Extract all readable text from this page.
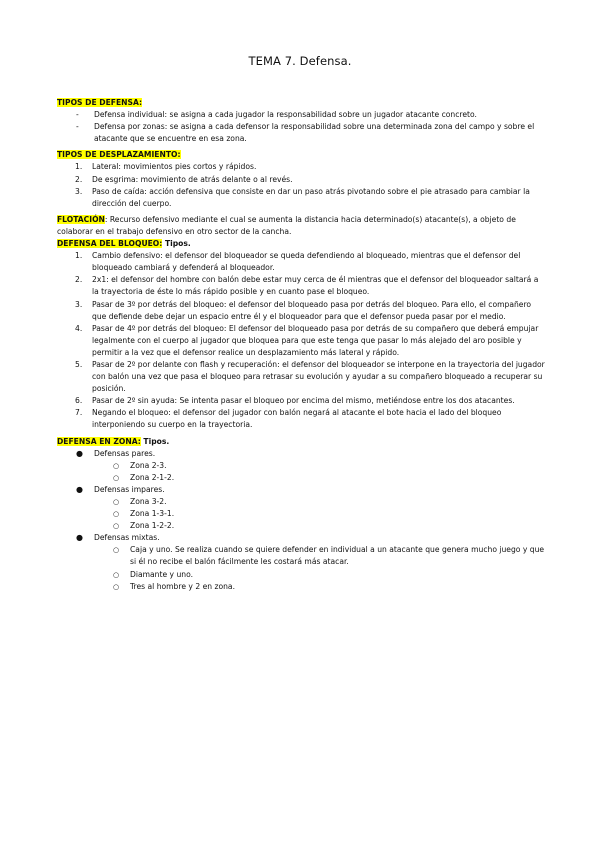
TEMA 7. Defensa.
TIPOS DE DEFENSA:
- Defensa individual: se asigna a cada jugador la responsabilidad sobre un jugador atacante concreto.
- Defensa por zonas: se asigna a cada defensor la responsabilidad sobre una determinada zona del campo y sobre el atacante que se encuentre en esa zona.
TIPOS DE DESPLAZAMIENTO:
1. Lateral: movimientos pies cortos y rápidos.
2. De esgrima: movimiento de atrás delante o al revés.
3. Paso de caída: acción defensiva que consiste en dar un paso atrás pivotando sobre el pie atrasado para cambiar la dirección del cuerpo.
FLOTACIÓN: Recurso defensivo mediante el cual se aumenta la distancia hacia determinado(s) atacante(s), a objeto de colaborar en el trabajo defensivo en otro sector de la cancha.
DEFENSA DEL BLOQUEO: Tipos.
1. Cambio defensivo: el defensor del bloqueador se queda defendiendo al bloqueado, mientras que el defensor del bloqueado cambiará y defenderá al bloqueador.
2. 2x1: el defensor del hombre con balón debe estar muy cerca de él mientras que el defensor del bloqueador saltará a la trayectoria de éste lo más rápido posible y en cuanto pase el bloqueo.
3. Pasar de 3º por detrás del bloqueo: el defensor del bloqueado pasa por detrás del bloqueo. Para ello, el compañero que defiende debe dejar un espacio entre él y el bloqueador para que el defensor pueda pasar por el medio.
4. Pasar de 4º por detrás del bloqueo: El defensor del bloqueado pasa por detrás de su compañero que deberá empujar legalmente con el cuerpo al jugador que bloquea para que este tenga que pasar lo más alejado del aro posible y permitir a la vez que el defensor realice un desplazamiento más lateral y rápido.
5. Pasar de 2º por delante con flash y recuperación: el defensor del bloqueador se interpone en la trayectoria del jugador con balón una vez que pasa el bloqueo para retrasar su evolución y ayudar a su compañero bloqueado a recuperar su posición.
6. Pasar de 2º sin ayuda: Se intenta pasar el bloqueo por encima del mismo, metiéndose entre los dos atacantes.
7. Negando el bloqueo: el defensor del jugador con balón negará al atacante el bote hacia el lado del bloqueo interponiendo su cuerpo en la trayectoria.
DEFENSA EN ZONA: Tipos.
● Defensas pares.
○ Zona 2-3.
○ Zona 2-1-2.
● Defensas impares.
○ Zona 3-2.
○ Zona 1-3-1.
○ Zona 1-2-2.
● Defensas mixtas.
○ Caja y uno. Se realiza cuando se quiere defender en individual a un atacante que genera mucho juego y que si él no recibe el balón fácilmente les costará más atacar.
○ Diamante y uno.
○ Tres al hombre y 2 en zona.
